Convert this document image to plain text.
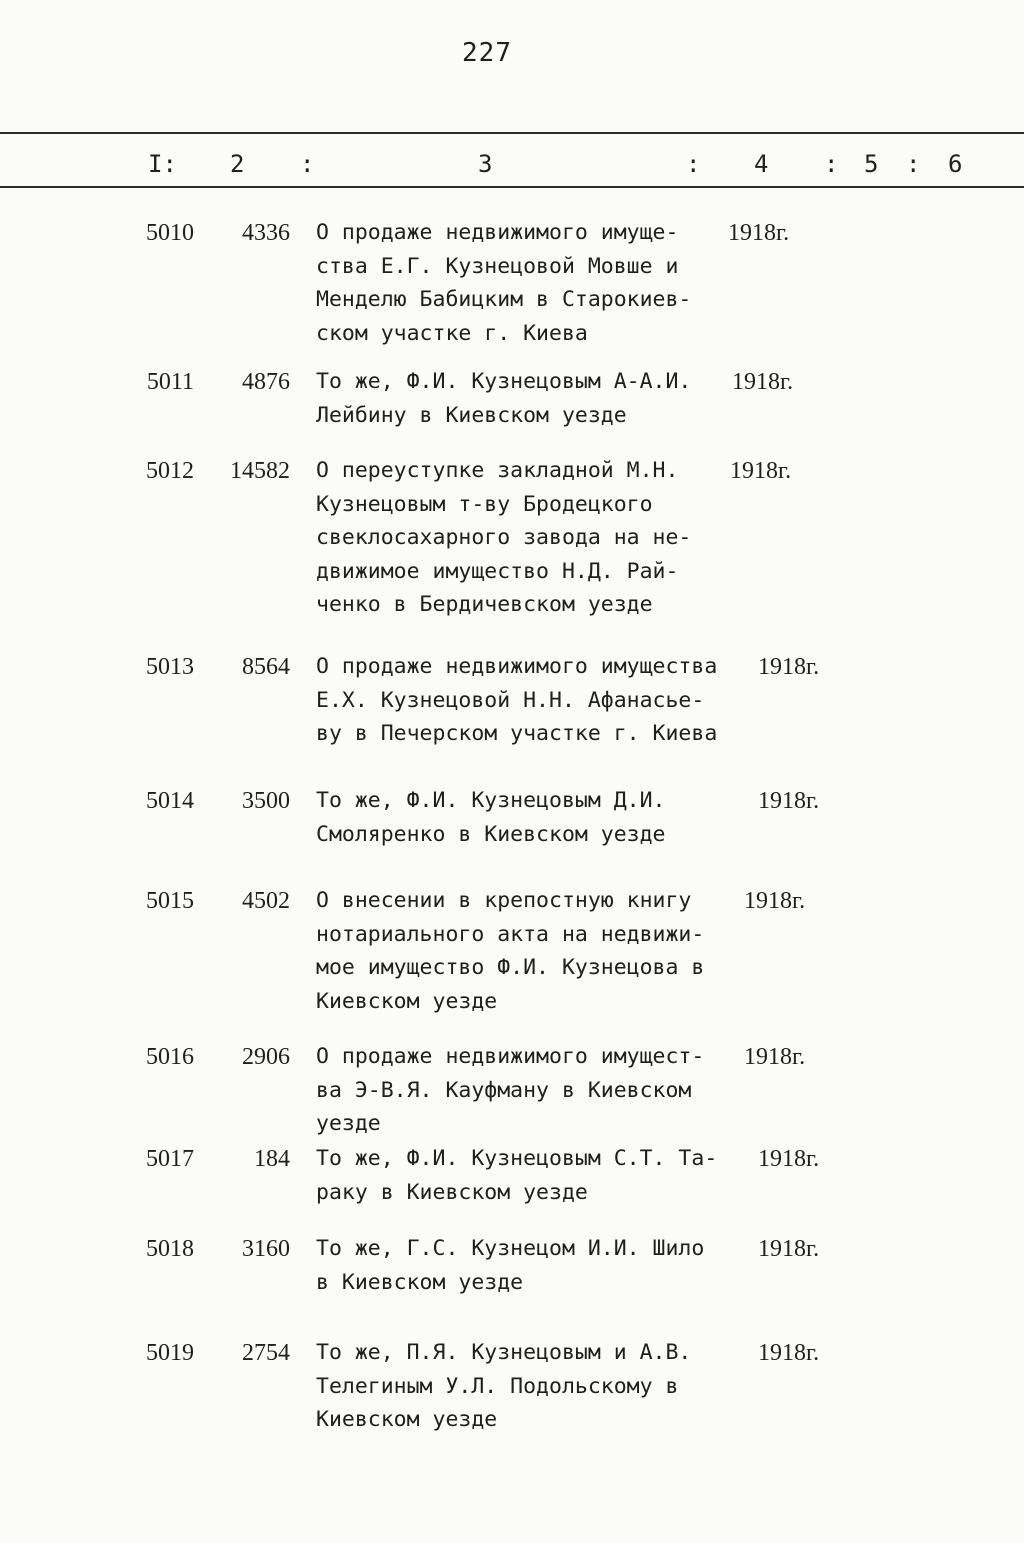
227
I: 2 :	3	: 4 : 5 : 6
5010	4336 О продаже недвижимого имуще-
ства Е.Г. Кузнецовой Мовше и
Менделю Бабицким в Старокиев-
ском участке г. Киева
1918г.
5011	4876 То же, Ф.И. Кузнецовым А-А.И.
Лейбину в Киевском уезде
1918г.
5012	14582 О переуступке закладной М.Н.
Кузнецовым т-ву Бродецкого
свеклосахарного завода на не-
движимое имущество Н.Д. Рай-
ченко в Бердичевском уезде
1918г.
5013	8564 О продаже недвижимого имущества
Е.Х. Кузнецовой Н.Н. Афанасье-
ву в Печерском участке г. Киева
1918г.
5014	3500 То же, Ф.И. Кузнецовым Д.И.
Смоляренко в Киевском уезде
1918г.
5015	4502 О внесении в крепостную книгу
нотариального акта на недвижи-
мое имущество Ф.И. Кузнецова в
Киевском уезде
1918г.
5016	2906 О продаже недвижимого имущест-
ва Э-В.Я. Кауфману в Киевском
уезде
1918г.
5017	184 То же, Ф.И. Кузнецовым С.Т. Та-
раку в Киевском уезде
1918г.
5018	3160 То же, Г.С. Кузнецом И.И. Шило
в Киевском уезде
1918г.
5019	2754 То же, П.Я. Кузнецовым и А.В.
Телегиным У.Л. Подольскому в
Киевском уезде
1918г.
